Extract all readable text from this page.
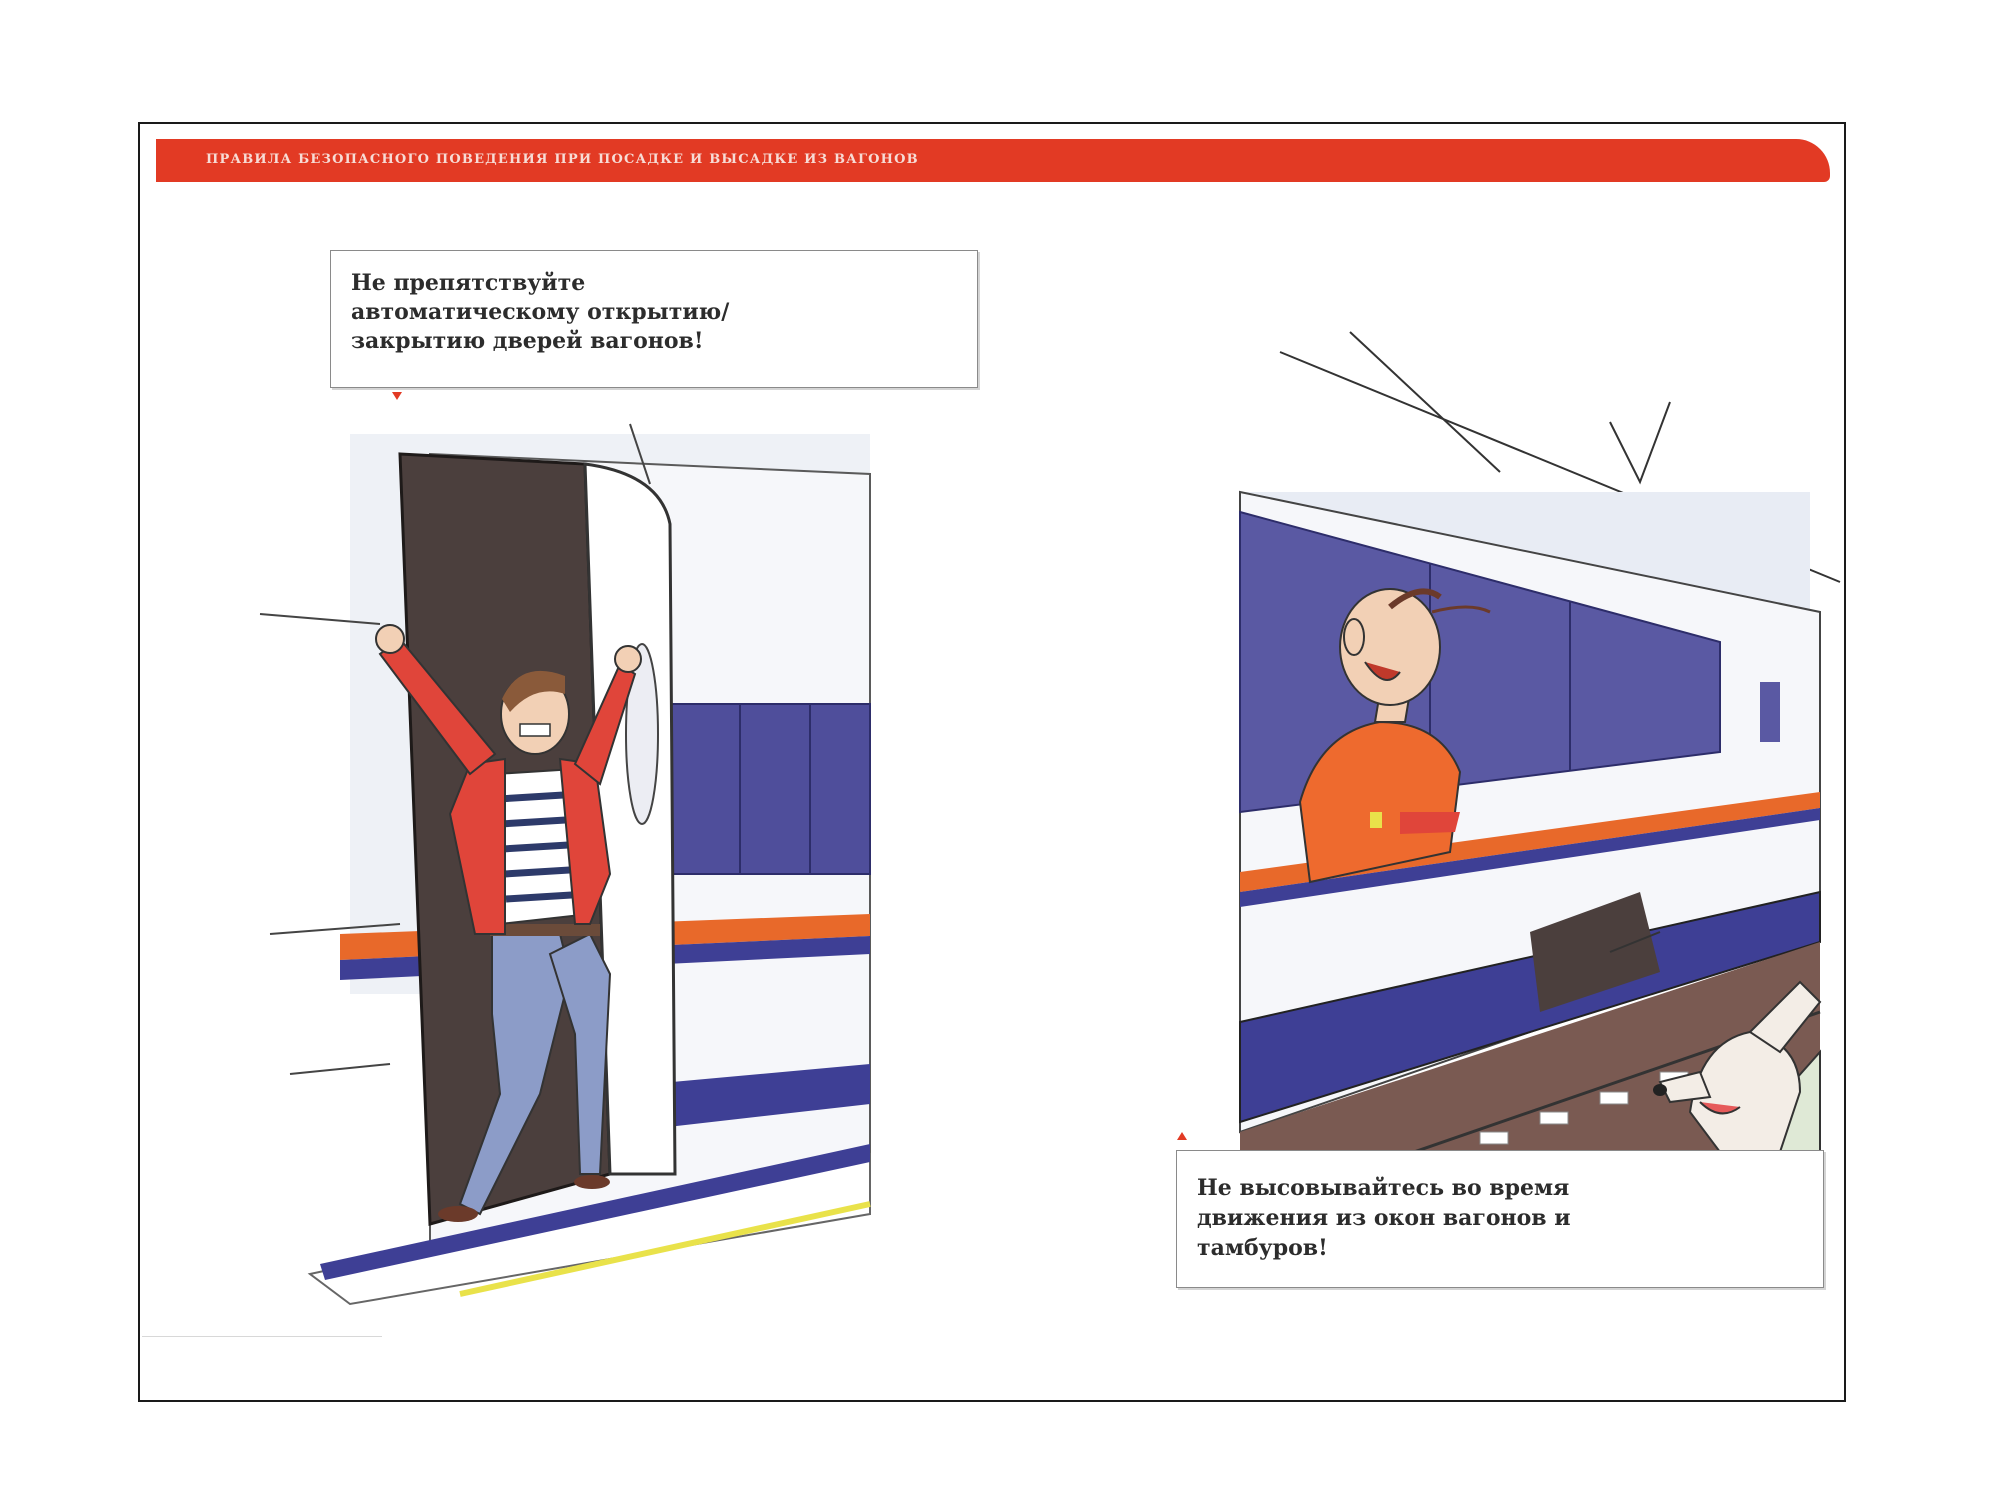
ПРАВИЛА БЕЗОПАСНОГО ПОВЕДЕНИЯ ПРИ ПОСАДКЕ И ВЫСАДКЕ ИЗ ВАГОНОВ
Не препятствуйте
автоматическому открытию/
закрытию дверей вагонов!
Не высовывайтесь во время
движения из окон вагонов и
тамбуров!
